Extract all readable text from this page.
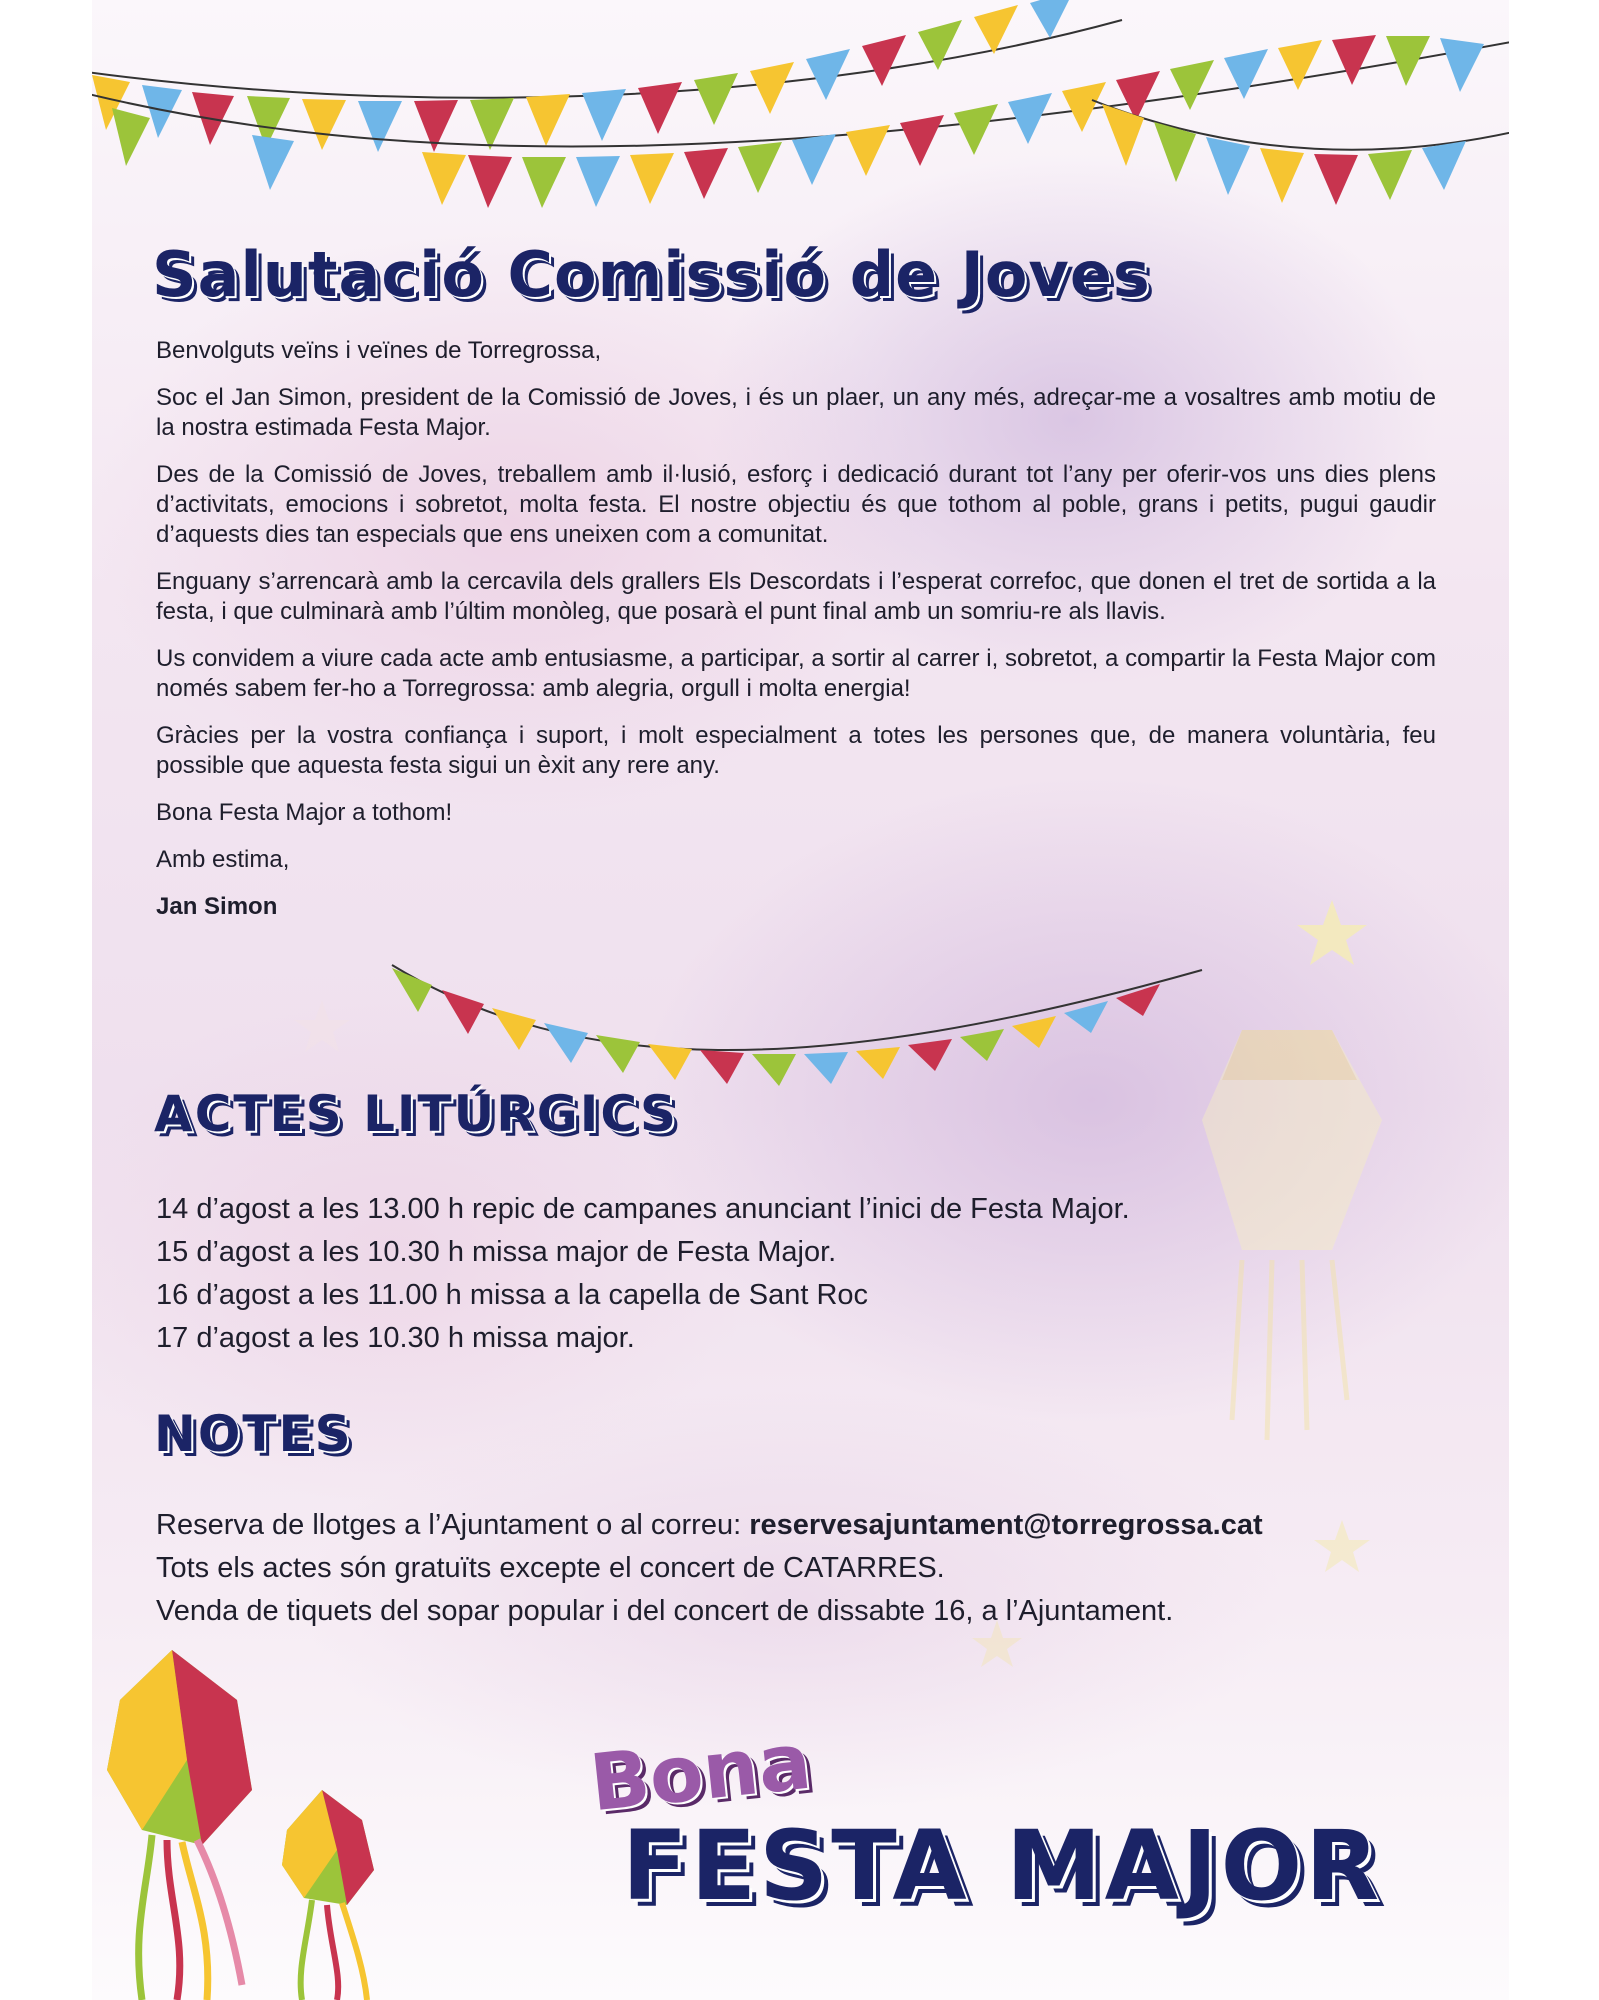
Salutació Comissió de Joves

Benvolguts veïns i veïnes de Torregrossa,

Soc el Jan Simon, president de la Comissió de Joves, i és un plaer, un any més, adreçar-me a vosaltres amb motiu de la nostra estimada Festa Major.

Des de la Comissió de Joves, treballem amb il·lusió, esforç i dedicació durant tot l’any per oferir-vos uns dies plens d’activitats, emocions i sobretot, molta festa. El nostre objectiu és que tothom al poble, grans i petits, pugui gaudir d’aquests dies tan especials que ens uneixen com a comunitat.

Enguany s’arrencarà amb la cercavila dels grallers Els Descordats i l’esperat correfoc, que donen el tret de sortida a la festa, i que culminarà amb l’últim monòleg, que posarà el punt final amb un somriu-re als llavis.

Us convidem a viure cada acte amb entusiasme, a participar, a sortir al carrer i, sobretot, a compartir la Festa Major com només sabem fer-ho a Torregrossa: amb alegria, orgull i molta energia!

Gràcies per la vostra confiança i suport, i molt especialment a totes les persones que, de manera voluntària, feu possible que aquesta festa sigui un èxit any rere any.

Bona Festa Major a tothom!

Amb estima,

Jan Simon

ACTES LITÚRGICS
14 d’agost a les 13.00 h repic de campanes anunciant l’inici de Festa Major.
15 d’agost a les 10.30 h missa major de Festa Major.
16 d’agost a les 11.00 h missa a la capella de Sant Roc
17 d’agost a les 10.30 h missa major.
NOTES

Reserva de llotges a l’Ajuntament o al correu: reservesajuntament@torregrossa.cat

Tots els actes són gratuïts excepte el concert de CATARRES.

Venda de tiquets del sopar popular i del concert de dissabte 16, a l’Ajuntament.

Bona
FESTA MAJOR
